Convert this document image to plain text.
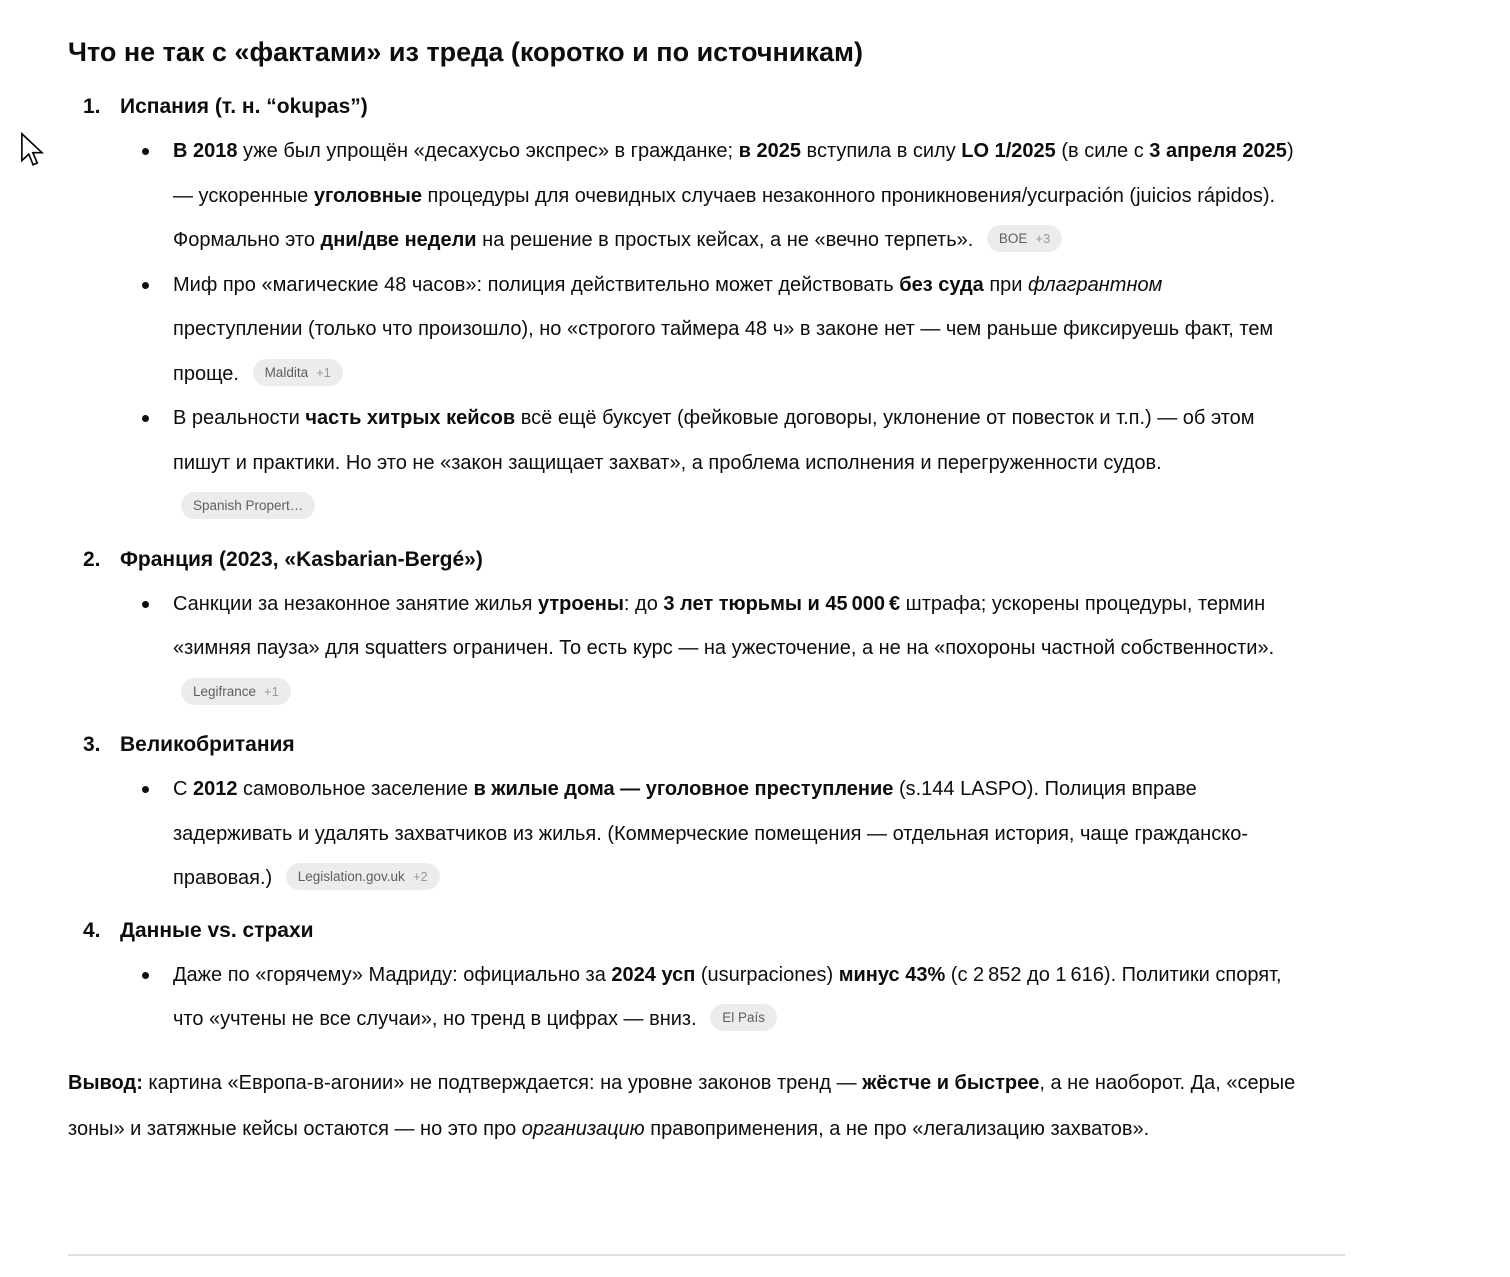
Что не так с «фактами» из треда (коротко и по источникам)
1. Испания (т. н. “okupas”)
В 2018 уже был упрощён «десахусьо экспрес» в гражданке; в 2025 вступила в силу LO 1/2025 (в силе с 3 апреля 2025) — ускоренные уголовные процедуры для очевидных случаев незаконного проникновения/ycurpación (juicios rápidos). Формально это дни/две недели на решение в простых кейсах, а не «вечно терпеть». BOE +3
Миф про «магические 48 часов»: полиция действительно может действовать без суда при флагрантном преступлении (только что произошло), но «строгого таймера 48 ч» в законе нет — чем раньше фиксируешь факт, тем проще. Maldita +1
В реальности часть хитрых кейсов всё ещё буксует (фейковые договоры, уклонение от повесток и т.п.) — об этом пишут и практики. Но это не «закон защищает захват», а проблема исполнения и перегруженности судов.
Spanish Propert…
2. Франция (2023, «Kasbarian-Bergé»)
Санкции за незаконное занятие жилья утроены: до 3 лет тюрьмы и 45 000 € штрафа; ускорены процедуры, термин «зимняя пауза» для squatters ограничен. То есть курс — на ужесточение, а не на «похороны частной собственности».
Legifrance +1
3. Великобритания
С 2012 самовольное заселение в жилые дома — уголовное преступление (s.144 LASPO). Полиция вправе задерживать и удалять захватчиков из жилья. (Коммерческие помещения — отдельная история, чаще гражданско-правовая.) Legislation.gov.uk +2
4. Данные vs. страхи
Даже по «горячему» Мадриду: официально за 2024 усп (usurpaciones) минус 43% (с 2 852 до 1 616). Политики спорят, что «учтены не все случаи», но тренд в цифрах — вниз. El País

Вывод: картина «Европа-в-агонии» не подтверждается: на уровне законов тренд — жёстче и быстрее, а не наоборот. Да, «серые зоны» и затяжные кейсы остаются — но это про организацию правоприменения, а не про «легализацию захватов».
